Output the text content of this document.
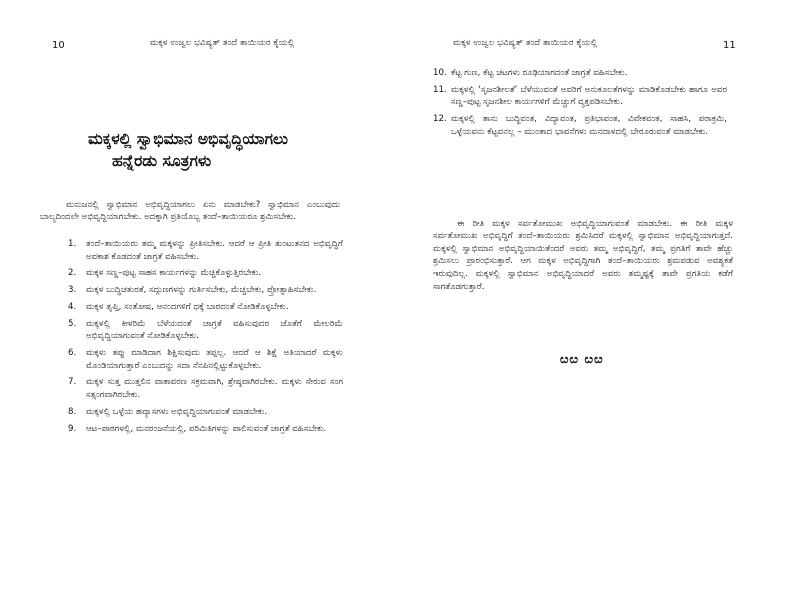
10	ಮಕ್ಕಳ ಉಜ್ವಲ ಭವಿಷ್ಯತ್ ತಂದೆ ತಾಯಿಯರ ಕೈಯಲ್ಲಿ
ಮಕ್ಕಳಲ್ಲಿ ಸ್ವಾಭಿಮಾನ ಅಭಿವೃದ್ಧಿಯಾಗಲು
ಹನ್ನೆರಡು ಸೂತ್ರಗಳು

ಮನುಜನಲ್ಲಿ ಸ್ವಾಭಿಮಾನ ಅಭಿವೃದ್ಧಿಯಾಗಲು ಏನು ಮಾಡಬೇಕು? ಸ್ವಾಭಿಮಾನ ಎಂಬುವುದು ಬಾಲ್ಯದಿಂದಲೇ ಅಭಿವೃದ್ಧಿಯಾಗಬೇಕು. ಅದಕ್ಕಾಗಿ ಪ್ರತಿಯೊಬ್ಬ ತಂದೆ–ತಾಯಿಯರೂ ಶ್ರಮಿಸಬೇಕು.

1. ತಂದೆ–ತಾಯಿಯರು ತಮ್ಮ ಮಕ್ಕಳನ್ನು ಪ್ರೀತಿಸಬೇಕು. ಆದರೆ ಆ ಪ್ರೀತಿ ತುಂಟುತನದ ಅಭಿವೃದ್ಧಿಗೆ ಅವಕಾಶ ಕೊಡದಂತೆ ಜಾಗ್ರತೆ ವಹಿಸಬೇಕು.
2. ಮಕ್ಕಳ ಸಣ್ಣ–ಪುಟ್ಟ ಸಾಹಸ ಕಾರ್ಯಗಳನ್ನು ಮೆಚ್ಚಿಕೊಳ್ಳುತ್ತಿರಬೇಕು.
3. ಮಕ್ಕಳ ಬುದ್ಧಿಚತುರತೆ, ಸದ್ಗುಣಗಳನ್ನು ಗುರ್ತಿಸಬೇಕು, ಮೆಚ್ಚಬೇಕು, ಪ್ರೋತ್ಸಾಹಿಸಬೇಕು.
4. ಮಕ್ಕಳ ತೃಪ್ತಿ, ಸಂತೋಷ, ಆನಂದಗಳಿಗೆ ಧಕ್ಕೆ ಬಾರದಂತೆ ನೋಡಿಕೊಳ್ಳಬೇಕು.
5. ಮಕ್ಕಳಲ್ಲಿ ಕೀಳರಿಮೆ ಬೆಳೆಯದಂತೆ ಜಾಗ್ರತೆ ವಹಿಸುವುದರ ಜೊತೆಗೆ ಮೇಲರಿಮೆ ಅಭಿವೃದ್ಧಿಯಾಗುವಂತೆ ನೋಡಿಕೊಳ್ಳಬೇಕು.
6. ಮಕ್ಕಳು ತಪ್ಪು ಮಾಡಿದಾಗ ಶಿಕ್ಷಿಸುವುದು ತಪ್ಪಲ್ಲ. ಆದರೆ ಆ ಶಿಕ್ಷೆ ಅತಿಯಾದರೆ ಮಕ್ಕಳು ಮೊಂಡಿಯಾಗುತ್ತಾರೆ ಎಂಬುದನ್ನು ಸದಾ ನೆನಪಿನಲ್ಲಿಟ್ಟುಕೊಳ್ಳಬೇಕು.
7. ಮಕ್ಕಳ ಸುತ್ತ ಮುತ್ತಲಿನ ವಾತಾವರಣ ಸಕ್ರಮವಾಗಿ, ಶ್ರೇಷ್ಠವಾಗಿರಬೇಕು. ಮಕ್ಕಳು ಸೇರುವ ಸಂಗ ಸತ್ಸಂಗವಾಗಿರಬೇಕು.
8. ಮಕ್ಕಳಲ್ಲಿ ಒಳ್ಳೆಯ ಹವ್ಯಾಸಗಳು ಅಭಿವೃದ್ಧಿಯಾಗುವಂತೆ ಮಾಡಬೇಕು.
9. ಆಟ–ಪಾಠಗಳಲ್ಲಿ, ಮನರಂಜನೆಯಲ್ಲಿ, ಪರಿಮಿತಿಗಳನ್ನು ಪಾಲಿಸುವಂತೆ ಜಾಗ್ರತೆ ವಹಿಸಬೇಕು.
ಮಕ್ಕಳ ಉಜ್ವಲ ಭವಿಷ್ಯತ್ ತಂದೆ ತಾಯಿಯರ ಕೈಯಲ್ಲಿ	11
10. ಕೆಟ್ಟ ಗುಣ, ಕೆಟ್ಟ ಚಟಗಳು ರೂಢಿಯಾಗದಂತೆ ಜಾಗ್ರತೆ ವಹಿಸಬೇಕು.
11. ಮಕ್ಕಳಲ್ಲಿ ‘ಸೃಜನಶೀಲತೆ’ ಬೆಳೆಯುವಂತೆ ಅವರಿಗೆ ಅನುಕೂಲತೆಗಳನ್ನು ಮಾಡಿಕೊಡಬೇಕು ಹಾಗೂ ಅವರ ಸಣ್ಣ–ಪುಟ್ಟ ಸೃಜನಶೀಲ ಕಾರ್ಯಗಳಿಗೆ ಮೆಚ್ಚುಗೆ ವ್ಯಕ್ತಪಡಿಸಬೇಕು.
12. ಮಕ್ಕಳಲ್ಲಿ ತಾನು ಬುದ್ಧಿವಂತ, ವಿದ್ಯಾವಂತ, ಪ್ರತಿಭಾವಂತ, ವಿವೇಕವಂತ, ಸಾಹಸಿ, ಪರಾಕ್ರಮಿ, ಒಳ್ಳೆಯವನು ಕೆಟ್ಟವನಲ್ಲ – ಮುಂತಾದ ಭಾವನೆಗಳು ಮನದಾಳದಲ್ಲಿ ಬೇರೂರುವಂತೆ ಮಾಡಬೇಕು.

ಈ ರೀತಿ ಮಕ್ಕಳ ಸರ್ವತೋಮುಖ ಅಭಿವೃದ್ಧಿಯಾಗುವಂತೆ ಮಾಡಬೇಕು. ಈ ರೀತಿ ಮಕ್ಕಳ ಸರ್ವತೋಮುಖ ಅಭಿವೃದ್ಧಿಗೆ ತಂದೆ–ತಾಯಿಯರು ಶ್ರಮಿಸಿದರೆ ಮಕ್ಕಳಲ್ಲಿ ಸ್ವಾಭಿಮಾನ ಅಭಿವೃದ್ಧಿಯಾಗುತ್ತದೆ. ಮಕ್ಕಳಲ್ಲಿ ಸ್ವಾಭಿಮಾನ ಅಭಿವೃದ್ಧಿಯಾಯಿತೆಂದರೆ ಅವರು ತಮ್ಮ ಅಭಿವೃದ್ಧಿಗೆ, ತಮ್ಮ ಪ್ರಗತಿಗೆ ತಾವೇ ಹೆಚ್ಚು ಶ್ರಮಿಸಲು ಪ್ರಾರಂಭಿಸುತ್ತಾರೆ. ಆಗ ಮಕ್ಕಳ ಅಭಿವೃದ್ಧಿಗಾಗಿ ತಂದೆ–ತಾಯಿಯರು ಶ್ರಮಪಡುವ ಅವಶ್ಯಕತೆ ಇರುವುದಿಲ್ಲ. ಮಕ್ಕಳಲ್ಲಿ ಸ್ವಾಭಿಮಾನ ಅಭಿವೃದ್ಧಿಯಾದರೆ ಅವರು ತಮ್ಮಷ್ಟಕ್ಕೆ ತಾವೇ ಪ್ರಗತಿಯ ಕಡೆಗೆ ಸಾಗತೊಡಗುತ್ತಾರೆ.

ೞೞ ೞೞ
